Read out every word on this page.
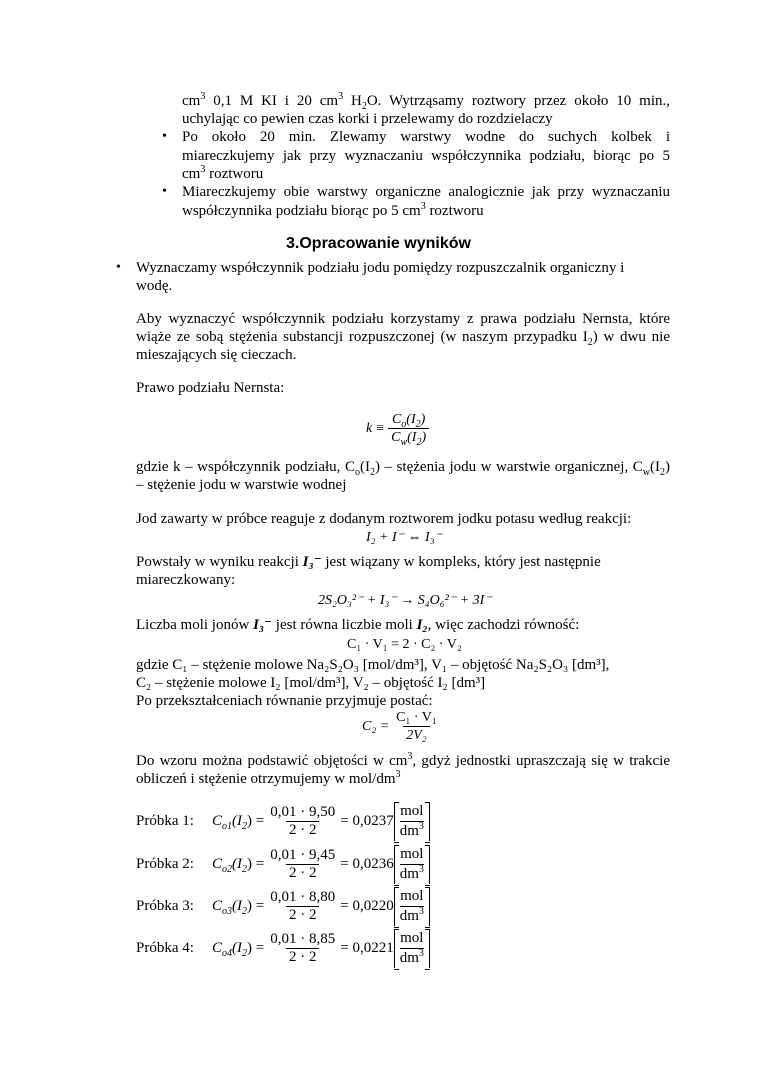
$cm^3$ 0,1 M KI i 20 $cm^3$ $H_2O$. Wytrząsamy roztwory przez około 10 min.,
uchylając co pewien czas korki i przelewamy do rozdzielaczy
• Po około 20 min. Zlewamy warstwy wodne do suchych kolbek i
miareczkujemy jak przy wyznaczaniu współczynnika podziału, biorąc po 5
$cm^3$ roztworu
• Miareczkujemy obie warstwy organiczne analogicznie jak przy wyznaczaniu
współczynnika podziału biorąc po 5 $cm^3$ roztworu
3.Opracowanie wyników
• Wyznaczamy współczynnik podziału jodu pomiędzy rozpuszczalnik organiczny i
wodę.
Aby wyznaczyć współczynnik podziału korzystamy z prawa podziału Nernsta, które
wiąże ze sobą stężenia substancji rozpuszczonej (w naszym przypadku $I_2$) w dwu nie
mieszających się cieczach.
Prawo podziału Nernsta:
$k \equiv \frac{C_o(I_2)}{C_w(I_2)}$
gdzie k – współczynnik podziału, $C_o(I_2)$ – stężenia jodu w warstwie organicznej, $C_w(I_2)$
– stężenie jodu w warstwie wodnej
Jod zawarty w próbce reaguje z dodanym roztworem jodku potasu według reakcji:
I₂ + I⁻ ⇔ I₃⁻
Powstały w wyniku reakcji I₃⁻ jest wiązany w kompleks, który jest następnie
miareczkowany:
2S₂O₃²⁻ + I₃⁻ → S₄O₆²⁻ + 3I⁻
Liczba moli jonów I₃⁻ jest równa liczbie moli I₂, więc zachodzi równość:
C₁ · V₁ = 2 · C₂ · V₂
gdzie C₁ – stężenie molowe Na₂S₂O₃ [mol/dm³], V₁ – objętość Na₂S₂O₃ [dm³],
C₂ – stężenie molowe I₂ [mol/dm³], V₂ – objętość I₂ [dm³]
Po przekształceniach równanie przyjmuje postać:
$C_2 = \frac{\text{C₁ · V₁}}{\text{2V₂}}$
Do wzoru można podstawić objętości w $cm^3$, gdyż jednostki upraszczają się w trakcie
obliczeń i stężenie otrzymujemy w mol/$dm^3$
Próbka 1:	$C_{o1}(I_2) = \frac{0,01 \cdot 9,50}{2 \cdot 2} = 0,0237$
mol
$dm^3$
Próbka 2:	$C_{o2}(I_2) = \frac{0,01 \cdot 9,45}{2 \cdot 2} = 0,0236$
mol
$dm^3$
Próbka 3:	$C_{o3}(I_2) = \frac{0,01 \cdot 8,80}{2 \cdot 2} = 0,0220$
mol
$dm^3$
Próbka 4:	$C_{o4}(I_2) = \frac{0,01 \cdot 8,85}{2 \cdot 2} = 0,0221$
mol
$dm^3$
